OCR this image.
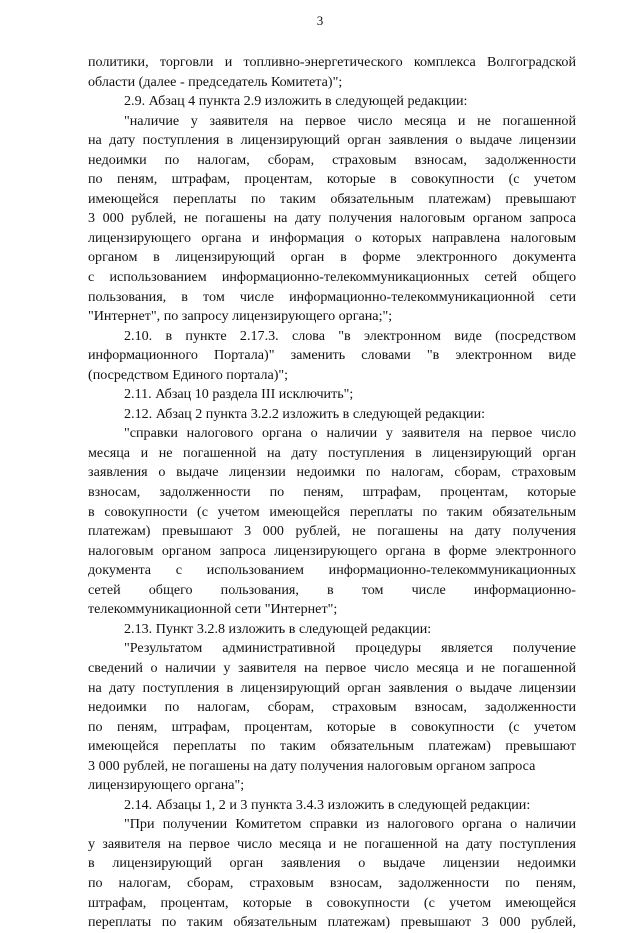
3
политики, торговли и топливно-энергетического комплекса Волгоградской
области (далее - председатель Комитета)";
2.9. Абзац 4 пункта 2.9 изложить в следующей редакции:
"наличие у заявителя на первое число месяца и не погашенной
на дату поступления в лицензирующий орган заявления о выдаче лицензии
недоимки по налогам, сборам, страховым взносам, задолженности
по пеням, штрафам, процентам, которые в совокупности (с учетом
имеющейся переплаты по таким обязательным платежам) превышают
3 000 рублей, не погашены на дату получения налоговым органом запроса
лицензирующего органа и информация о которых направлена налоговым
органом в лицензирующий орган в форме электронного документа
с использованием информационно-телекоммуникационных сетей общего
пользования, в том числе информационно-телекоммуникационной сети
"Интернет", по запросу лицензирующего органа;";
2.10. в пункте 2.17.3. слова "в электронном виде (посредством
информационного Портала)" заменить словами "в электронном виде
(посредством Единого портала)";
2.11. Абзац 10 раздела III исключить";
2.12. Абзац 2 пункта 3.2.2 изложить в следующей редакции:
"справки налогового органа о наличии у заявителя на первое число
месяца и не погашенной на дату поступления в лицензирующий орган
заявления о выдаче лицензии недоимки по налогам, сборам, страховым
взносам, задолженности по пеням, штрафам, процентам, которые
в совокупности (с учетом имеющейся переплаты по таким обязательным
платежам) превышают 3 000 рублей, не погашены на дату получения
налоговым органом запроса лицензирующего органа в форме электронного
документа с использованием информационно-телекоммуникационных
сетей общего пользования, в том числе информационно-
телекоммуникационной сети "Интернет";
2.13. Пункт 3.2.8 изложить в следующей редакции:
"Результатом административной процедуры является получение
сведений о наличии у заявителя на первое число месяца и не погашенной
на дату поступления в лицензирующий орган заявления о выдаче лицензии
недоимки по налогам, сборам, страховым взносам, задолженности
по пеням, штрафам, процентам, которые в совокупности (с учетом
имеющейся переплаты по таким обязательным платежам) превышают
3 000 рублей, не погашены на дату получения налоговым органом запроса
лицензирующего органа";
2.14. Абзацы 1, 2 и 3 пункта 3.4.3 изложить в следующей редакции:
"При получении Комитетом справки из налогового органа о наличии
у заявителя на первое число месяца и не погашенной на дату поступления
в лицензирующий орган заявления о выдаче лицензии недоимки
по налогам, сборам, страховым взносам, задолженности по пеням,
штрафам, процентам, которые в совокупности (с учетом имеющейся
переплаты по таким обязательным платежам) превышают 3 000 рублей,
